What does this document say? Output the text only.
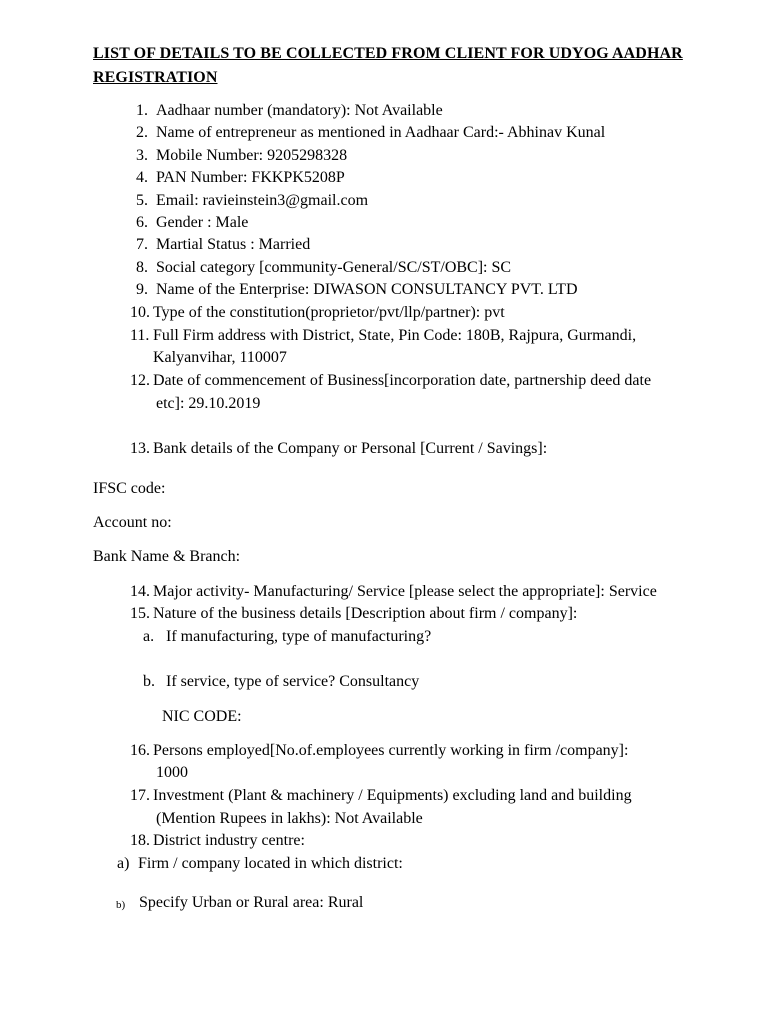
LIST OF DETAILS TO BE COLLECTED FROM CLIENT FOR UDYOG AADHAR REGISTRATION
1. Aadhaar number (mandatory): Not Available
2. Name of entrepreneur as mentioned in Aadhaar Card:- Abhinav Kunal
3. Mobile Number: 9205298328
4. PAN Number: FKKPK5208P
5. Email: ravieinstein3@gmail.com
6. Gender : Male
7. Martial Status : Married
8. Social category [community-General/SC/ST/OBC]: SC
9. Name of the Enterprise: DIWASON CONSULTANCY PVT. LTD
10. Type of the constitution(proprietor/pvt/llp/partner): pvt
11. Full Firm address with District, State, Pin Code: 180B, Rajpura, Gurmandi,
Kalyanvihar, 110007
12. Date of commencement of Business[incorporation date, partnership deed date
etc]: 29.10.2019
13. Bank details of the Company or Personal [Current / Savings]:
IFSC code:
Account no:
Bank Name & Branch:
14. Major activity- Manufacturing/ Service [please select the appropriate]: Service
15. Nature of the business details [Description about firm / company]:
a. If manufacturing, type of manufacturing?
b. If service, type of service? Consultancy
NIC CODE:
16. Persons employed[No.of.employees currently working in firm /company]:
1000
17. Investment (Plant & machinery / Equipments) excluding land and building
(Mention Rupees in lakhs): Not Available
18. District industry centre:
a) Firm / company located in which district:
b) Specify Urban or Rural area: Rural
